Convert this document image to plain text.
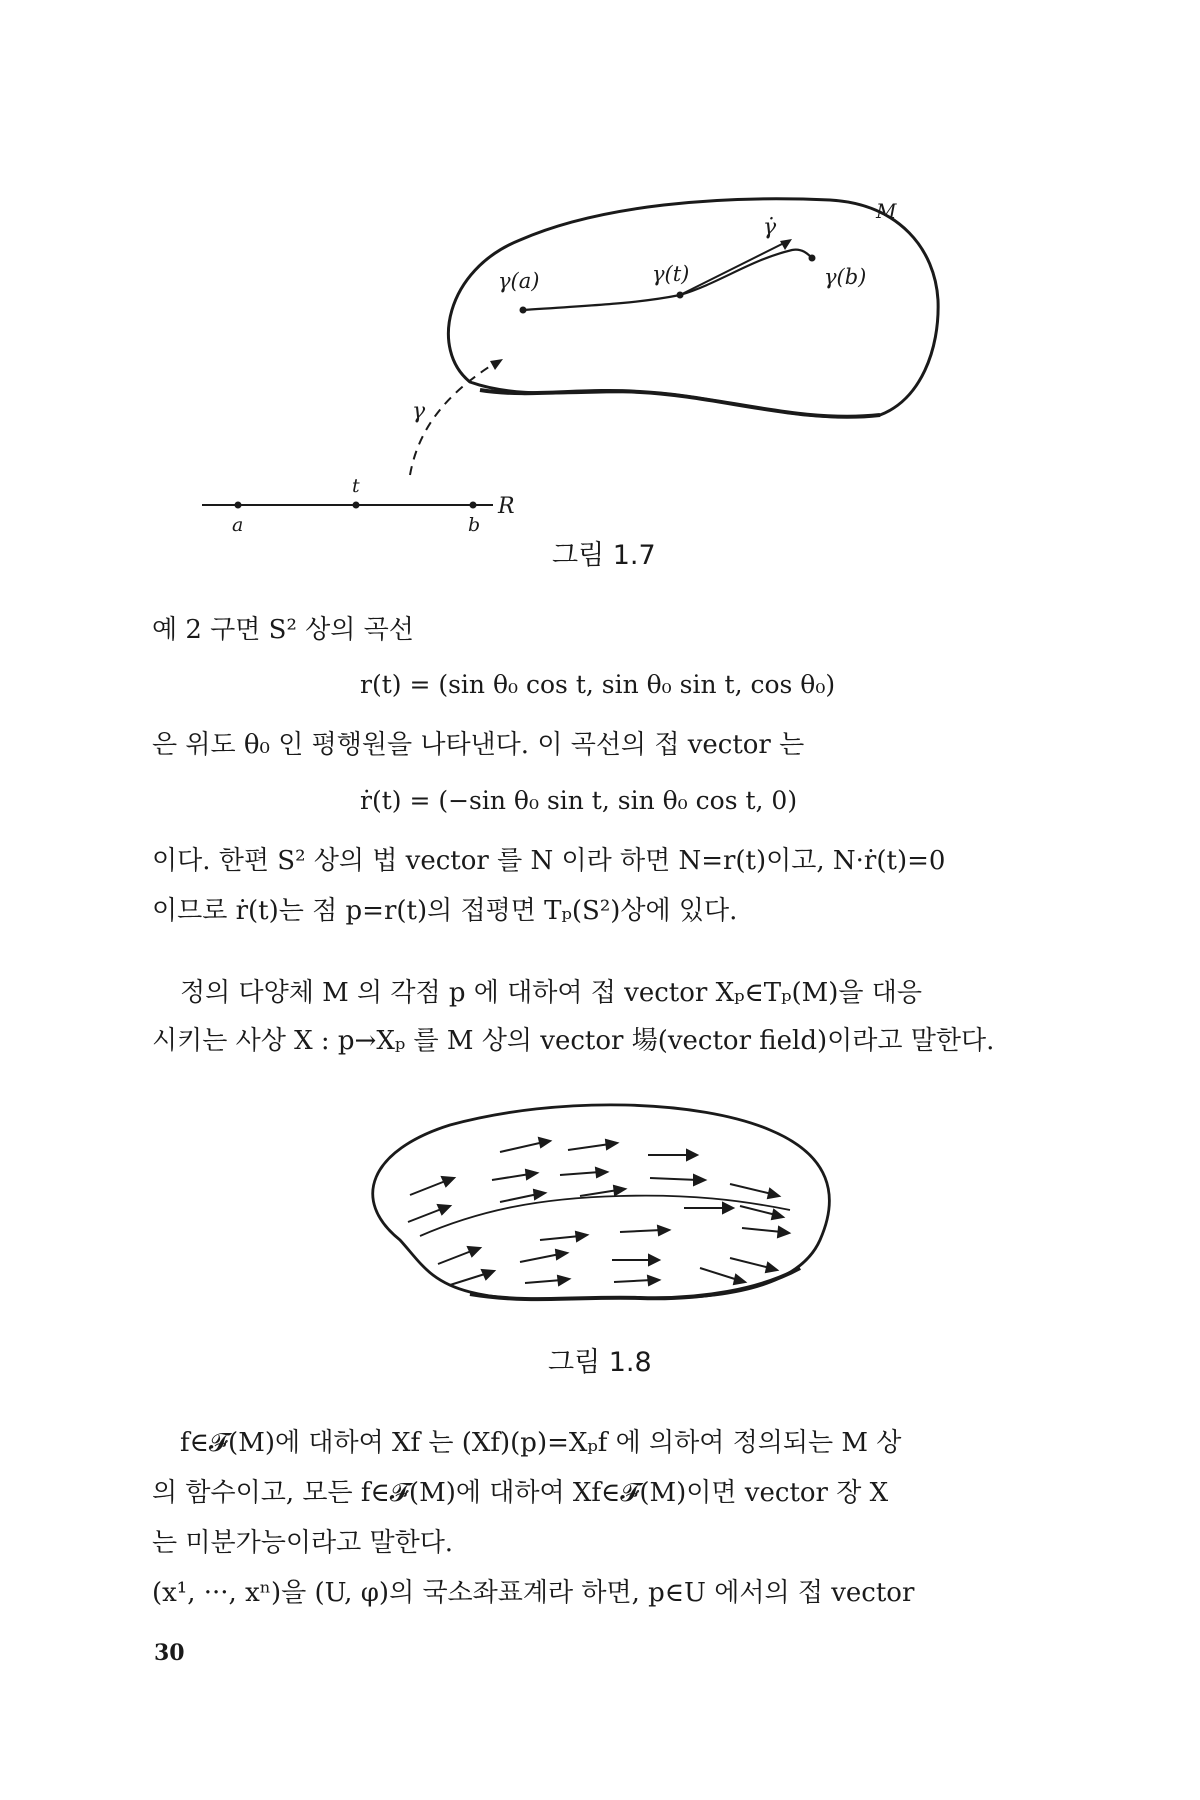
M
γ̇
γ(a)	γ(t)	γ(b)
γ
t
a	b
R
그림 1.7
예 2 구면 S² 상의 곡선
r(t) = (sin θ₀ cos t, sin θ₀ sin t, cos θ₀)
은 위도 θ₀ 인 평행원을 나타낸다. 이 곡선의 접 vector 는
ṙ(t) = (−sin θ₀ sin t, sin θ₀ cos t, 0)
이다. 한편 S² 상의 법 vector 를 N 이라 하면 N=r(t)이고, N·ṙ(t)=0
이므로 ṙ(t)는 점 p=r(t)의 접평면 Tₚ(S²)상에 있다.
정의 다양체 M 의 각점 p 에 대하여 접 vector Xₚ∈Tₚ(M)을 대응
시키는 사상 X : p→Xₚ 를 M 상의 vector 場(vector field)이라고 말한다.
그림 1.8
f∈𝓕(M)에 대하여 Xf 는 (Xf)(p)=Xₚf 에 의하여 정의되는 M 상
의 함수이고, 모든 f∈𝓕(M)에 대하여 Xf∈𝓕(M)이면 vector 장 X
는 미분가능이라고 말한다.
(x¹, ···, xⁿ)을 (U, φ)의 국소좌표계라 하면, p∈U 에서의 접 vector
30
